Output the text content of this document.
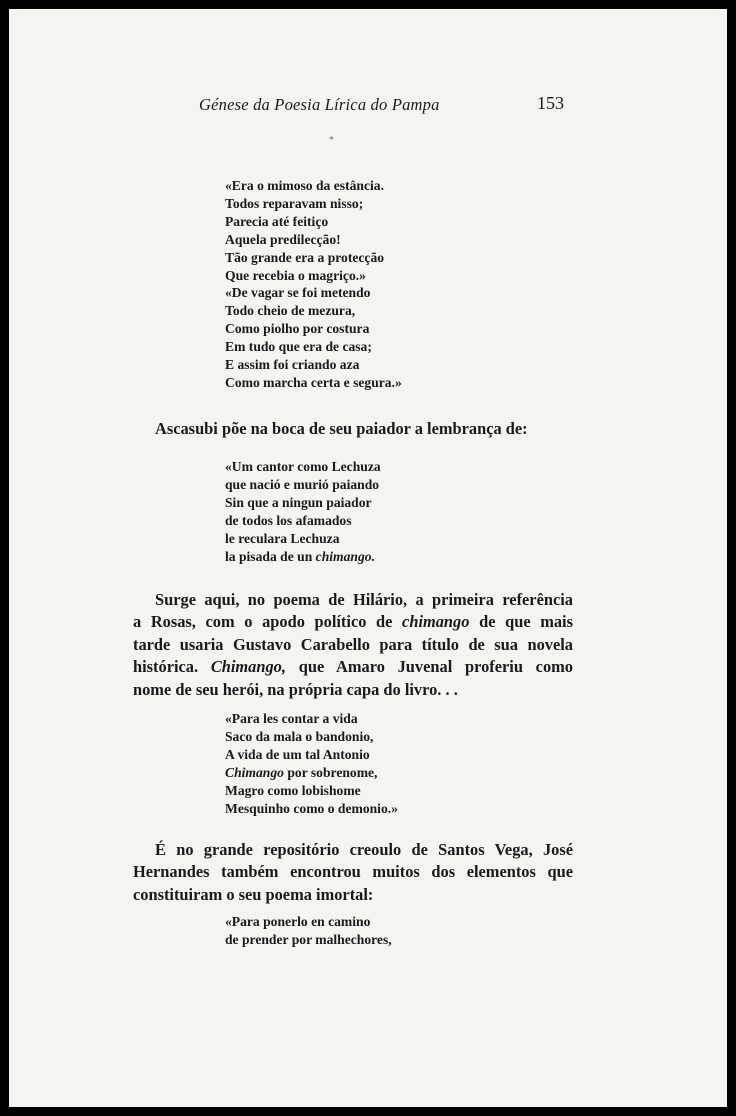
Génese da Poesia Lírica do Pampa	153
*
«Era o mimoso da estância.
Todos reparavam nisso;
Parecia até feitiço
Aquela predilecção!
Tão grande era a protecção
Que recebia o magriço.»
«De vagar se foi metendo
Todo cheio de mezura,
Como piolho por costura
Em tudo que era de casa;
E assim foi criando aza
Como marcha certa e segura.»
Ascasubi põe na boca de seu paiador a lembrança de:
«Um cantor como Lechuza
que nació e murió paiando
Sin que a ningun paiador
de todos los afamados
le reculara Lechuza
la pisada de un chimango.
Surge aqui, no poema de Hilário, a primeira referência
a Rosas, com o apodo político de chimango de que mais
tarde usaria Gustavo Carabello para título de sua novela
histórica. Chimango, que Amaro Juvenal proferiu como
nome de seu herói, na própria capa do livro. . .
«Para les contar a vida
Saco da mala o bandonio,
A vida de um tal Antonio
Chimango por sobrenome,
Magro como lobishome
Mesquinho como o demonio.»
É no grande repositório creoulo de Santos Vega, José
Hernandes também encontrou muitos dos elementos que
constituiram o seu poema imortal:
«Para ponerlo en camino
de prender por malhechores,
